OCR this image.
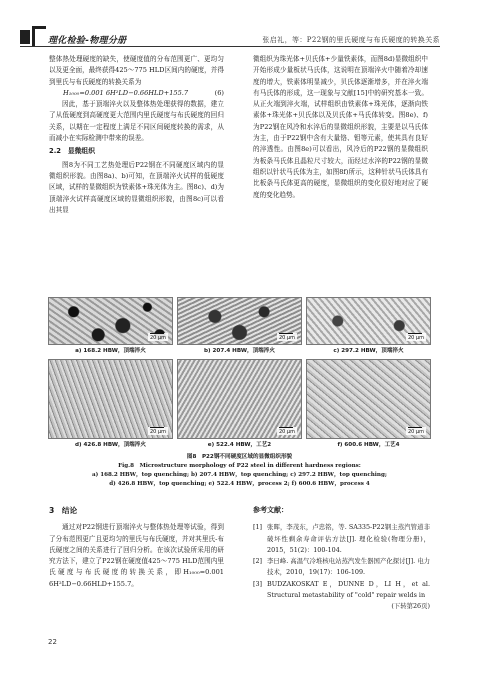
理化检验-物理分册	张启礼，等：P22钢的里氏硬度与布氏硬度的转换关系

整体热处理硬度的缺失，使硬度值的分布范围更广、更均匀以及更全面，最终获得425～775 HLD区间内的硬度，并得到里氏与布氏硬度的转换关系为

H₁₀₀₀=0.001 6H²LD−0.66HLD+155.7	(6)

因此，基于顶端淬火以及整体热处理获得的数据，建立了从低硬度到高硬度更大范围内里氏硬度与布氏硬度的回归关系，以期在一定程度上满足不同区间硬度转换的需求，从而减小在实际检测中带来的误差。

2.2　显微组织

图8为不同工艺热处理后P22钢在不同硬度区域内的显微组织形貌。由图8a)、b)可知，在顶端淬火试样的低硬度区域，试样的显微组织为铁素体+珠光体为主。图8c)、d)为顶端淬火试样高硬度区域的显微组织形貌，由图8c)可以看出其显

微组织为珠光体+贝氏体+少量铁素体，而图8d)显微组织中开始形成少量板状马氏体，这说明在顶端淬火中随着冷却速度的增大，铁素体明显减少，贝氏体逐渐增多，并在淬火端有马氏体的形成，这一现象与文献[15]中的研究基本一致。从正火端到淬火端，试样组织由铁素体+珠光体，逐渐向铁素体+珠光体+贝氏体以及贝氏体+马氏体转变。图8e)、f)为P22钢在风冷和水淬后的显微组织形貌，主要是以马氏体为主，由于P22钢中含有大量铬、钼等元素，使其具有良好的淬透性。由图8e)可以看出，风冷后的P22钢的显微组织为板条马氏体且晶粒尺寸较大，而经过水淬的P22钢的显微组织以针状马氏体为主，如图8f)所示，这种针状马氏体具有比板条马氏体更高的硬度，显微组织的变化很好地对应了硬度的变化趋势。

20 μm
a) 168.2 HBW，顶端淬火
20 μm
b) 207.4 HBW，顶端淬火
20 μm
c) 297.2 HBW，顶端淬火
20 μm
d) 426.8 HBW，顶端淬火
20 μm
e) 522.4 HBW，工艺2
20 μm
f) 600.6 HBW，工艺4
图8　P22钢不同硬度区域的显微组织形貌
Fig.8　Microstructure morphology of P22 steel in different hardness regions:
a) 168.2 HBW，top quenching; b) 207.4 HBW，top quenching; c) 297.2 HBW，top quenching;
d) 426.8 HBW，top quenching; e) 522.4 HBW，process 2; f) 600.6 HBW，process 4
3　结论

通过对P22钢进行顶端淬火与整体热处理等试验，得到了分布范围更广且更均匀的里氏与布氏硬度，并对其里氏-布氏硬度之间的关系进行了回归分析。在该次试验所采用的研究方法下，建立了P22钢在硬度值425～775 HLD范围内里氏硬度与布氏硬度的转换关系，即H₁₀₀₀=0.001 6H²LD−0.66HLD+155.7。

参考文献：
[1] 张晖，李茂东，卢忠铭，等. SA335-P22钢主蒸汽管道非破坏性剩余寿命评估方法[J]. 理化检验(物理分册)，2015，51(2)：100-104.
[2] 李曰峰. 高温气冷堆核电站蒸汽发生器国产化探讨[J]. 电力技术，2010，19(17)：106-109.
[3] BUDZAKOSKAT E，DUNNE D，LI H，et al. Structural metastability of "cold" repair welds in
(下转第26页)
22
